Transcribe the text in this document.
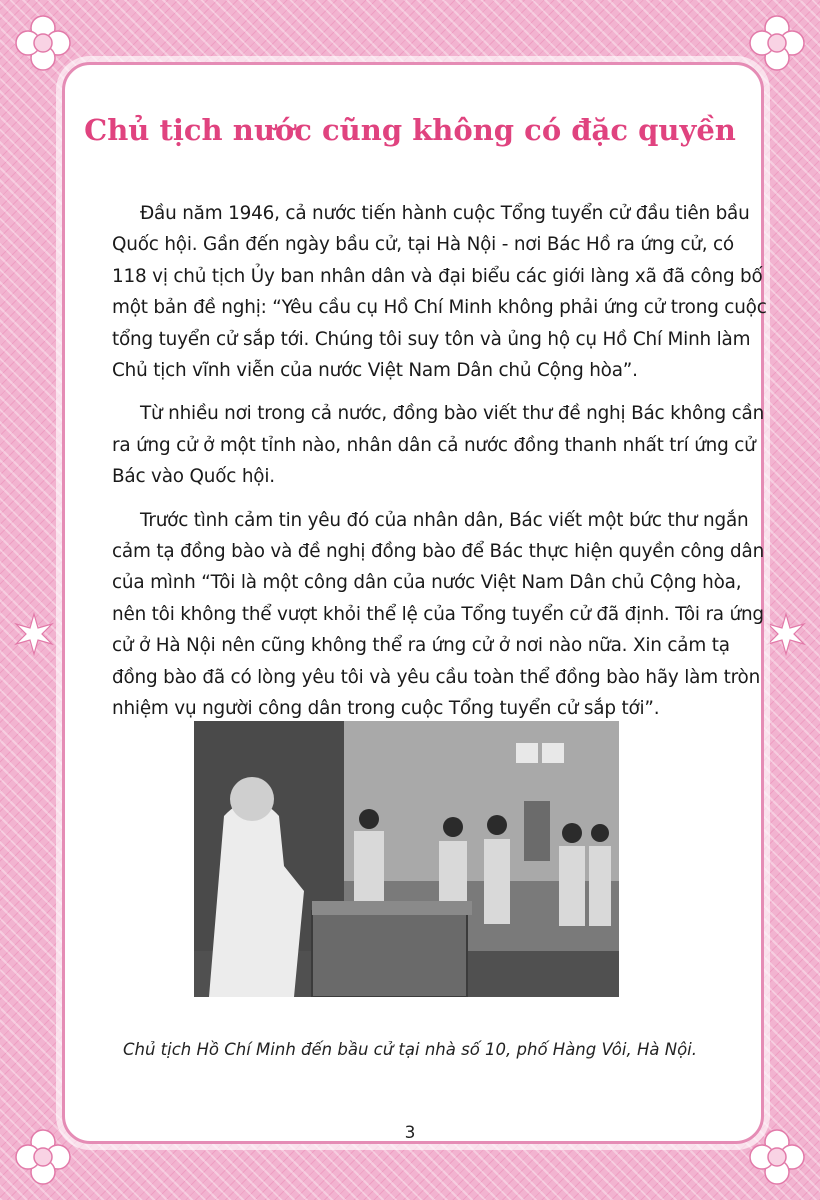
Chủ tịch nước cũng không có đặc quyền

Đầu năm 1946, cả nước tiến hành cuộc Tổng tuyển cử đầu tiên bầu Quốc hội. Gần đến ngày bầu cử, tại Hà Nội - nơi Bác Hồ ra ứng cử, có 118 vị chủ tịch Ủy ban nhân dân và đại biểu các giới làng xã đã công bố một bản đề nghị: “Yêu cầu cụ Hồ Chí Minh không phải ứng cử trong cuộc tổng tuyển cử sắp tới. Chúng tôi suy tôn và ủng hộ cụ Hồ Chí Minh làm Chủ tịch vĩnh viễn của nước Việt Nam Dân chủ Cộng hòa”.

Từ nhiều nơi trong cả nước, đồng bào viết thư đề nghị Bác không cần ra ứng cử ở một tỉnh nào, nhân dân cả nước đồng thanh nhất trí ứng cử Bác vào Quốc hội.

Trước tình cảm tin yêu đó của nhân dân, Bác viết một bức thư ngắn cảm tạ đồng bào và đề nghị đồng bào để Bác thực hiện quyền công dân của mình “Tôi là một công dân của nước Việt Nam Dân chủ Cộng hòa, nên tôi không thể vượt khỏi thể lệ của Tổng tuyển cử đã định. Tôi ra ứng cử ở Hà Nội nên cũng không thể ra ứng cử ở nơi nào nữa. Xin cảm tạ đồng bào đã có lòng yêu tôi và yêu cầu toàn thể đồng bào hãy làm tròn nhiệm vụ người công dân trong cuộc Tổng tuyển cử sắp tới”.

Chủ tịch Hồ Chí Minh đến bầu cử tại nhà số 10, phố Hàng Vôi, Hà Nội.
3
